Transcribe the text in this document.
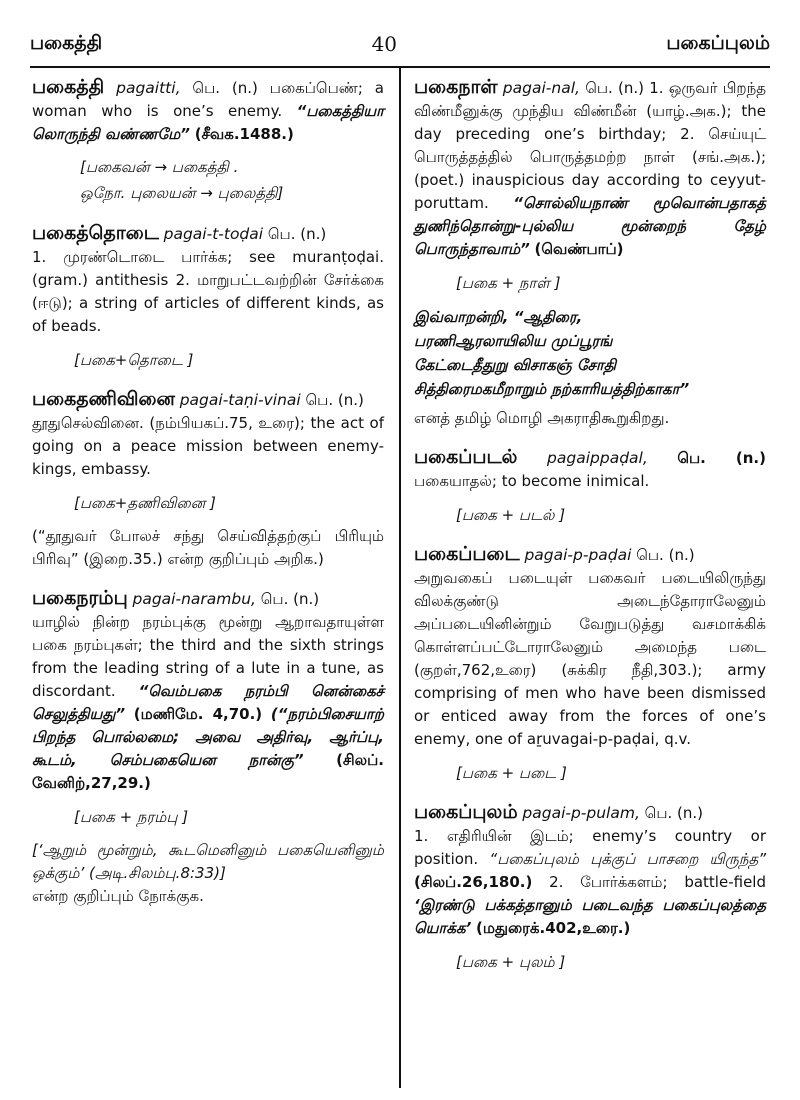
பகைத்தி	40	பகைப்புலம்
பகைத்தி pagaitti, பெ. (n.) பகைப்பெண்; a woman who is one’s enemy. “பகைத்தியா லொருந்தி வண்ணமே” (சீவக.1488.)
[பகைவன் → பகைத்தி .
ஒநோ. புலையன் → புலைத்தி]
பகைத்தொடை pagai-t-toḍai பெ. (n.)
1. முரண்டொடை பார்க்க; see muranṭoḍai.(gram.) antithesis 2. மாறுபட்டவற்றின் சேர்க்கை (ஈடு); a string of articles of different kinds, as of beads.
[பகை+தொடை ]
பகைதணிவினை pagai-taṇi-vinai பெ. (n.)
தூதுசெல்வினை. (நம்பியகப்.75, உரை); the act of going on a peace mission between enemy-kings, embassy.
[பகை+தணிவினை ]
(“தூதுவர் போலச் சந்து செய்வித்தற்குப் பிரியும் பிரிவு” (இறை.35.) என்ற குறிப்பும் அறிக.)
பகைநரம்பு pagai-narambu, பெ. (n.)
யாழில் நின்ற நரம்புக்கு மூன்று ஆறாவதாயுள்ள பகை நரம்புகள்; the third and the sixth strings from the leading string of a lute in a tune, as discordant. “வெம்பகை நரம்பி னென்கைச் செலுத்தியது” (மணிமே. 4,70.) (“நரம்பிசையாற் பிறந்த பொல்லமை; அவை அதிர்வு, ஆர்ப்பு, கூடம், செம்பகையென நான்கு” (சிலப். வேனிற்,27,29.)
[பகை + நரம்பு ]
[‘ஆறும் மூன்றும், கூடமெனினும் பகையெனினும் ஒக்கும்’ (அடி.சிலம்பு.8:33)]
என்ற குறிப்பும் நோக்குக.
பகைநாள் pagai-nal, பெ. (n.) 1. ஒருவர் பிறந்த விண்மீனுக்கு முந்திய விண்மீன் (யாழ்.அக.); the day preceding one’s birthday; 2. செய்யுட் பொருத்தத்தில் பொருத்தமற்ற நாள் (சங்.அக.); (poet.) inauspicious day according to ceyyut-poruttam. “சொல்லியநாண் மூவொன்பதாகத் துணிந்தொன்று-புல்லிய மூன்றைந் தேழ் பொருந்தாவாம்” (வெண்பாப்)
[பகை + நாள் ]
இவ்வாறன்றி, “ஆதிரை,
பரணிஆரலாயிலிய முப்பூரங்
கேட்டைதீதுறு விசாகஞ் சோதி
சித்திரைமகமீறாறும் நற்காரியத்திற்காகா”
எனத் தமிழ் மொழி அகராதிகூறுகிறது.
பகைப்படல் pagaippaḍal, பெ. (n.) பகையாதல்; to become inimical.
[பகை + படல் ]
பகைப்படை pagai-p-paḍai பெ. (n.)
அறுவகைப் படையுள் பகைவர் படையிலிருந்து விலக்குண்டு அடைந்தோராலேனும் அப்படையினின்றும் வேறுபடுத்து வசமாக்கிக் கொள்ளப்பட்டோராலேனும் அமைந்த படை (குறள்,762,உரை) (சுக்கிர நீதி,303.); army comprising of men who have been dismissed or enticed away from the forces of one’s enemy, one of aṟuvagai-p-paḍai, q.v.
[பகை + படை ]
பகைப்புலம் pagai-p-pulam, பெ. (n.)
1. எதிரியின் இடம்; enemy’s country or position. “பகைப்புலம் புக்குப் பாசறை யிருந்த” (சிலப்.26,180.) 2. போர்க்களம்; battle-field ‘இரண்டு பக்கத்தானும் படைவந்த பகைப்புலத்தை யொக்க’ (மதுரைக்.402,உரை.)
[பகை + புலம் ]
